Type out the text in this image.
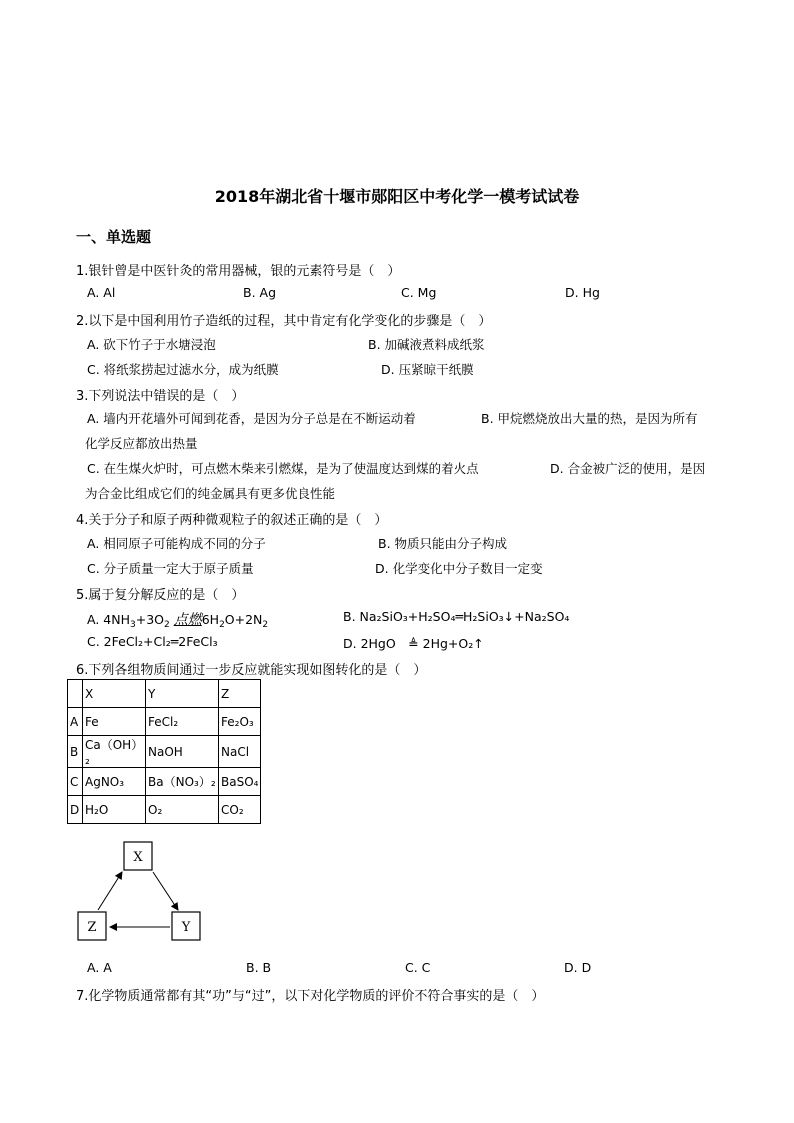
2018年湖北省十堰市郧阳区中考化学一模考试试卷
一、单选题
1.银针曾是中医针灸的常用器械，银的元素符号是（　）
A. Al	B. Ag	C. Mg	D. Hg
2.以下是中国利用竹子造纸的过程，其中肯定有化学变化的步骤是（　）
A. 砍下竹子于水塘浸泡	B. 加碱液煮料成纸浆
C. 将纸浆捞起过滤水分，成为纸膜	D. 压紧晾干纸膜
3.下列说法中错误的是（　）
A. 墙内开花墙外可闻到花香，是因为分子总是在不断运动着	B. 甲烷燃烧放出大量的热，是因为所有
化学反应都放出热量
C. 在生煤火炉时，可点燃木柴来引燃煤，是为了使温度达到煤的着火点	D. 合金被广泛的使用，是因
为合金比组成它们的纯金属具有更多优良性能
4.关于分子和原子两种微观粒子的叙述正确的是（　）
A. 相同原子可能构成不同的分子	B. 物质只能由分子构成
C. 分子质量一定大于原子质量	D. 化学变化中分子数目一定变
5.属于复分解反应的是（　）
A. $4NH_3+3O_2$ 点燃$6H_2O+2N_2$
B. Na₂SiO₃+H₂SO₄═H₂SiO₃↓+Na₂SO₄
C. 2FeCl₂+Cl₂═2FeCl₃	D. 2HgO　≜ 2Hg+O₂↑
6.下列各组物质间通过一步反应就能实现如图转化的是（　）
	X	Y	Z
A	Fe	FeCl₂	Fe₂O₃
B	Ca（OH）₂	NaOH	NaCl
C	AgNO₃	Ba（NO₃）₂	BaSO₄
D	H₂O	O₂	CO₂
X
Y
Z
A. A	B. B	C. C	D. D
7.化学物质通常都有其“功”与“过”，以下对化学物质的评价不符合事实的是（　）
